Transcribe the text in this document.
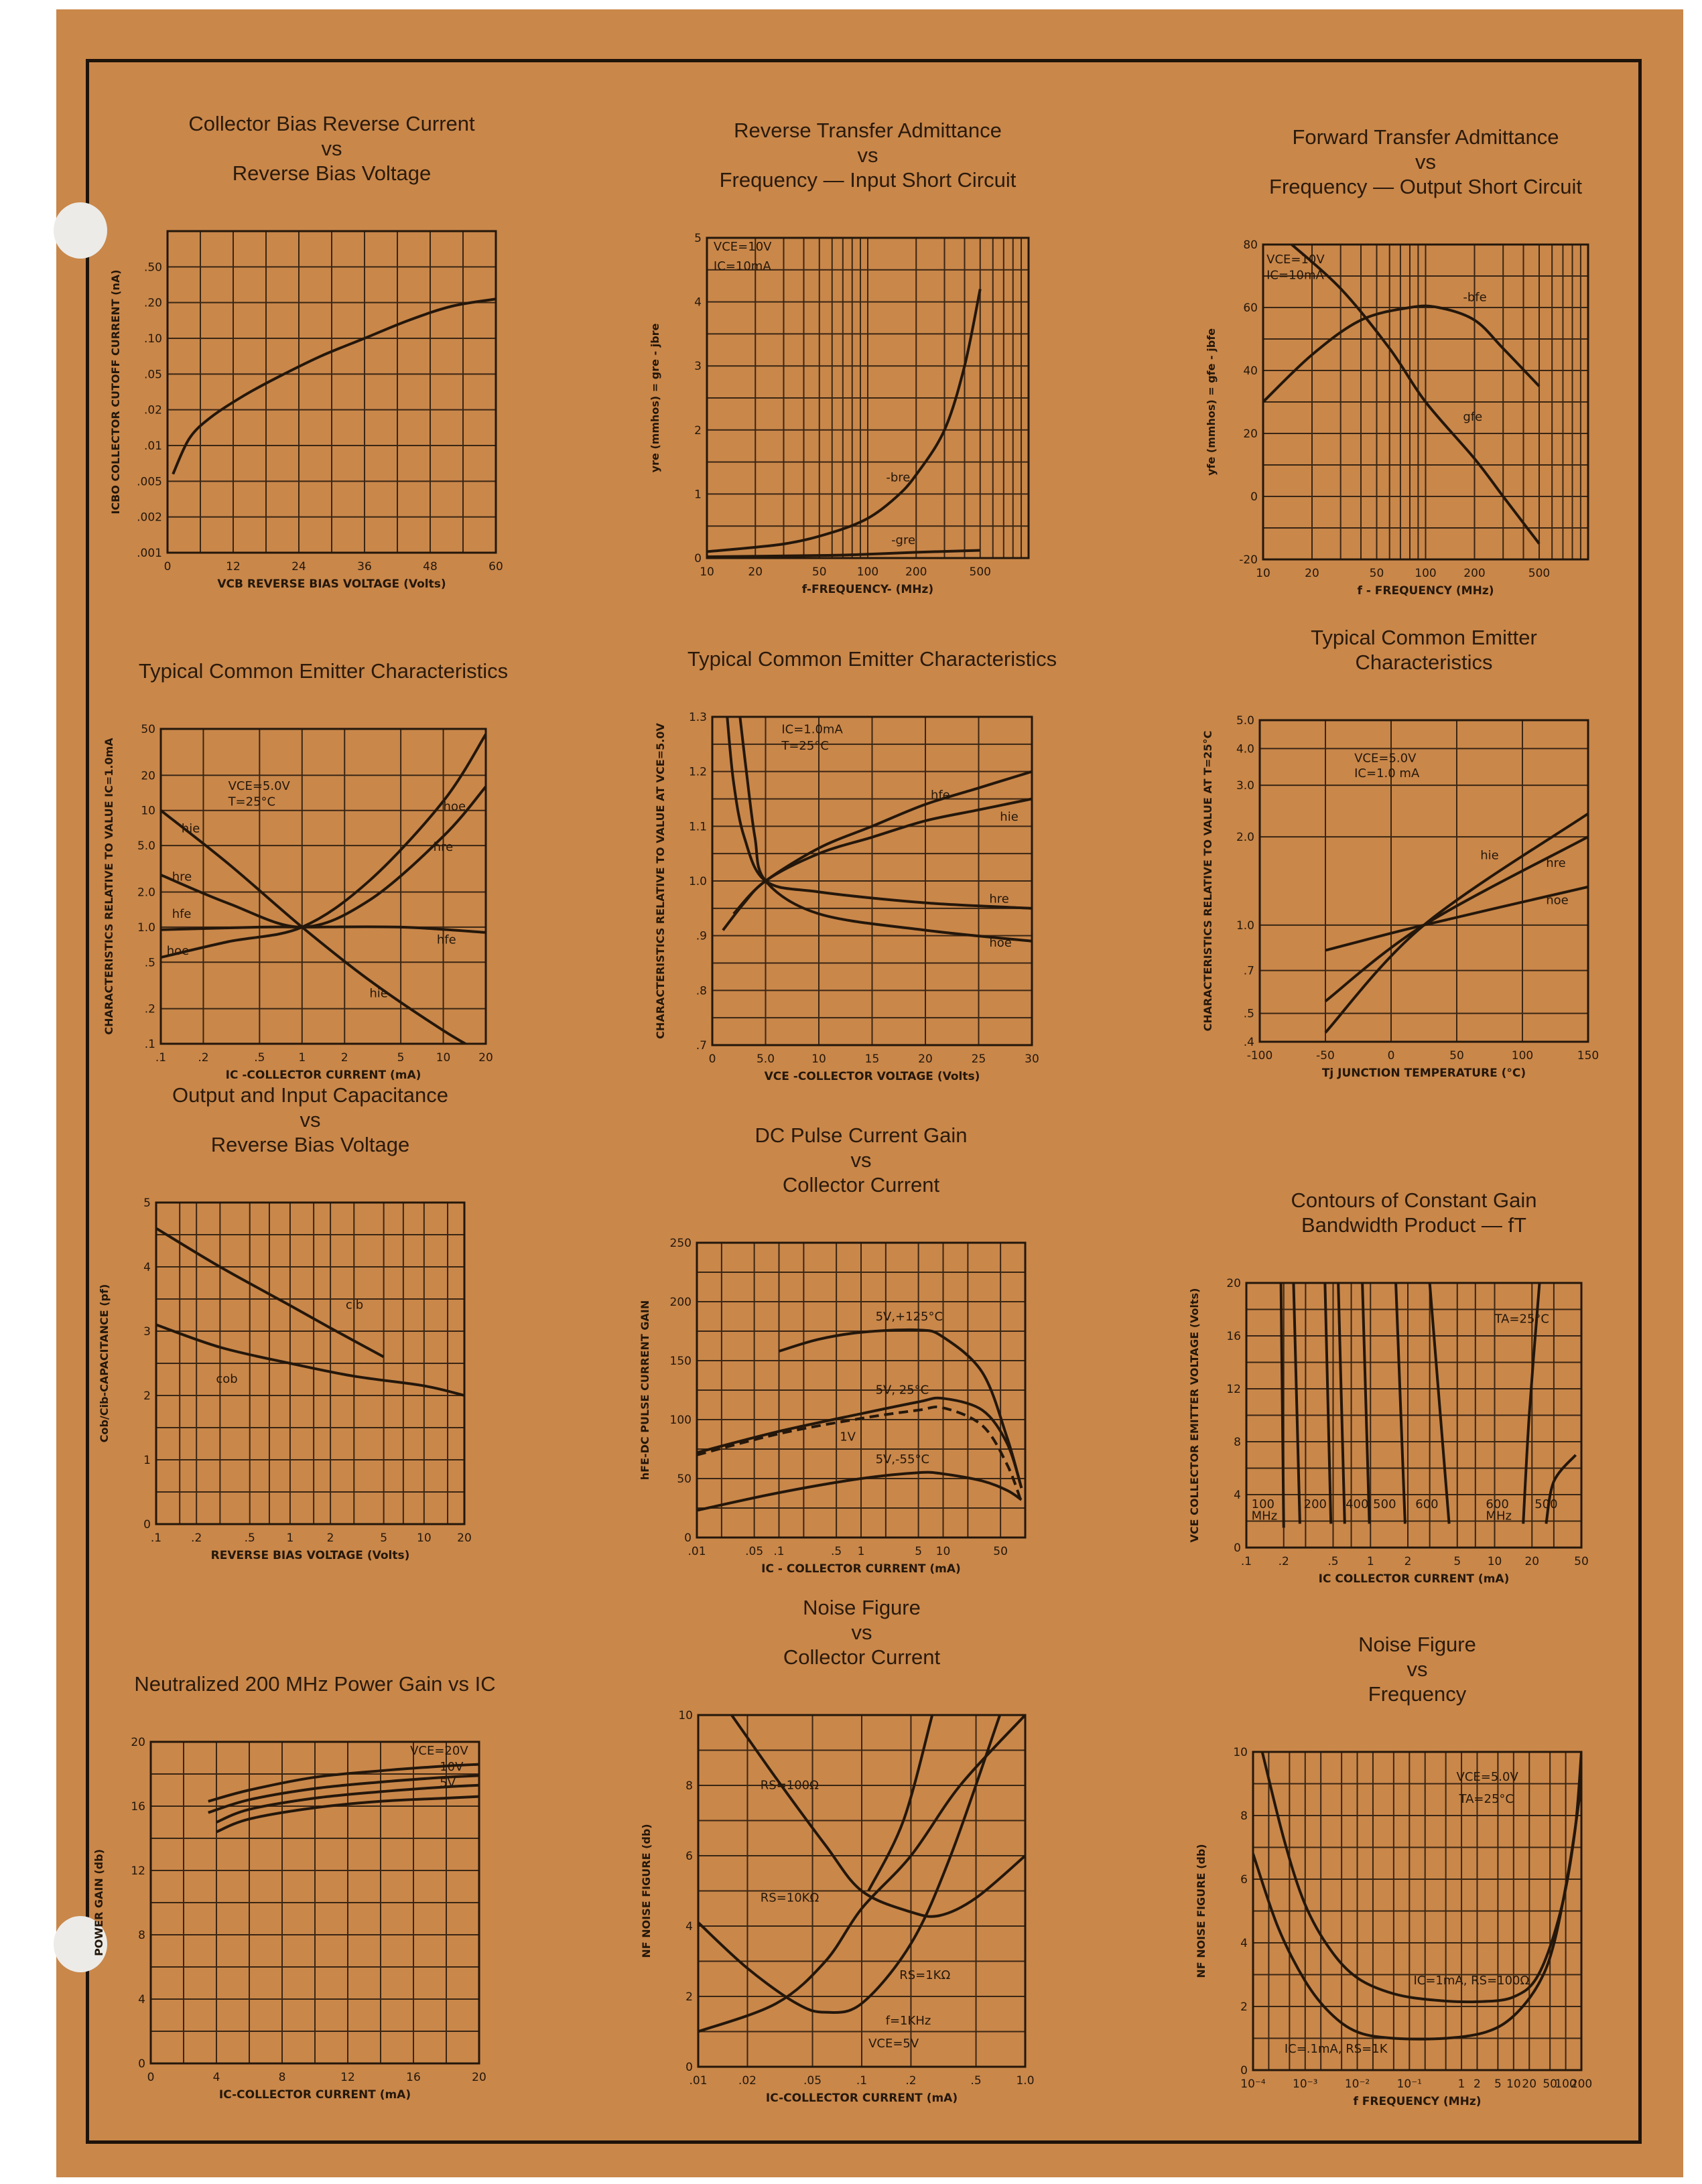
Collector Bias Reverse Current
vs
Reverse Bias Voltage
0	12	24	36	48	60
.001
.002
.005
.01
.02
.05
.10
.20
.50
VCB REVERSE BIAS VOLTAGE (Volts)
ICBO COLLECTOR CUTOFF CURRENT (nA)
Reverse Transfer Admittance
vs
Frequency — Input Short Circuit
10	20	50	100 200	500
0
1
2
3
4
5
f-FREQUENCY- (MHz)
yre (mmhos) = gre - jbre
VCE=10V
IC=10mA
-bre
-gre
Forward Transfer Admittance
vs
Frequency — Output Short Circuit
10	20	50	100 200	500
-20
0
20
40
60
80
f - FREQUENCY (MHz)
yfe (mmhos) = gfe - jbfe
VCE=10V
IC=10mA
-bfe
gfe
Typical Common Emitter Characteristics
.1	.2	.5	1	2	5	10 20
.1
.2
.5
1.0
2.0
5.0
10
20
50
IC -COLLECTOR CURRENT (mA)
CHARACTERISTICS RELATIVE TO VALUE IC=1.0mA	VCE=5.0V
T=25°C
hie
hre
hfe
hoe
hoe
hre
hfe
hie
Typical Common Emitter Characteristics
0	5.0	10	15	20	25	30
.7
.8
.9
1.0
1.1
1.2
1.3
VCE -COLLECTOR VOLTAGE (Volts)
CHARACTERISTICS RELATIVE TO VALUE AT VCE=5.0V	IC=1.0mA
T=25°C
hfe
hie
hre
hoe
Typical Common Emitter
Characteristics
-100	-50	0	50	100	150
.4
.5
.7
1.0
2.0
3.0
4.0
5.0
Tj JUNCTION TEMPERATURE (°C)
CHARACTERISTICS RELATIVE TO VALUE AT T=25°C	VCE=5.0V
IC=1.0 mA
hie
hre
hoe
Output and Input Capacitance
vs
Reverse Bias Voltage
.1	.2	.5	1	2	5	10 20
0
1
2
3
4
5
REVERSE BIAS VOLTAGE (Volts)
Cob/Cib-CAPACITANCE (pf)	cib
cob
DC Pulse Current Gain
vs
Collector Current
.01	.05 .1	.5 1	5 10	50
0
50
100
150
200
250
IC - COLLECTOR CURRENT (mA)
hFE-DC PULSE CURRENT GAIN	5V,+125°C
5V, 25°C
1V
5V,-55°C
Contours of Constant Gain
Bandwidth Product — fT
.1 .2	.5 1	2	5 10 20	50
0
4
8
12
16
20
IC COLLECTOR CURRENT (mA)
VCE COLLECTOR EMITTER VOLTAGE (Volts)	TA=25°C
100
MHz
200 400 500 600	600
MHz
500
Neutralized 200 MHz Power Gain vs IC
0	4	8	12	16	20
0
4
8
12
16
20
IC-COLLECTOR CURRENT (mA)
POWER GAIN (db)
VCE=20V
10V
5V
Noise Figure
vs
Collector Current
.01	.02	.05	.1	.2	.5	1.0
0
2
4
6
8
10
IC-COLLECTOR CURRENT (mA)
NF NOISE FIGURE (db)
RS=100Ω
RS=10KΩ
RS=1KΩ
f=1KHz
VCE=5V
Noise Figure
vs
Frequency
10⁻⁴ 10⁻³ 10⁻² 10⁻¹	1 2 5 10 20 50
100
200
0
2
4
6
8
10
f FREQUENCY (MHz)
NF NOISE FIGURE (db)
VCE=5.0V
TA=25°C
IC=1mA, RS=100Ω
IC=.1mA, RS=1K
